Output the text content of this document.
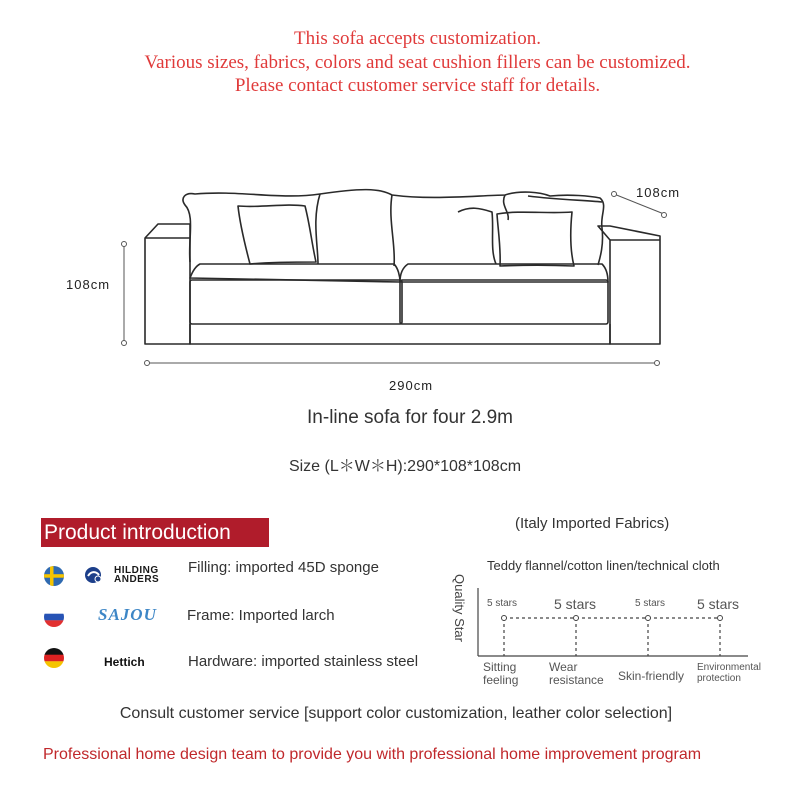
This sofa accepts customization.
Various sizes, fabrics, colors and seat cushion fillers can be customized.
Please contact customer service staff for details.
108cm
108cm
290cm
In-line sofa for four 2.9m
Size (L＊W＊H):290*108*108cm
Product introduction
HILDING
ANDERS
Filling: imported 45D sponge
SAJOU Frame: Imported larch
Hettich	Hardware: imported stainless steel
(Italy Imported Fabrics)
Teddy flannel/cotton linen/technical cloth
Quality Star 5 stars	5 stars	5 stars 5 stars
Sitting
feeling
Wear
resistance Skin-friendly
Environmental
protection
Consult customer service [support color customization, leather color selection]
Professional home design team to provide you with professional home improvement program
